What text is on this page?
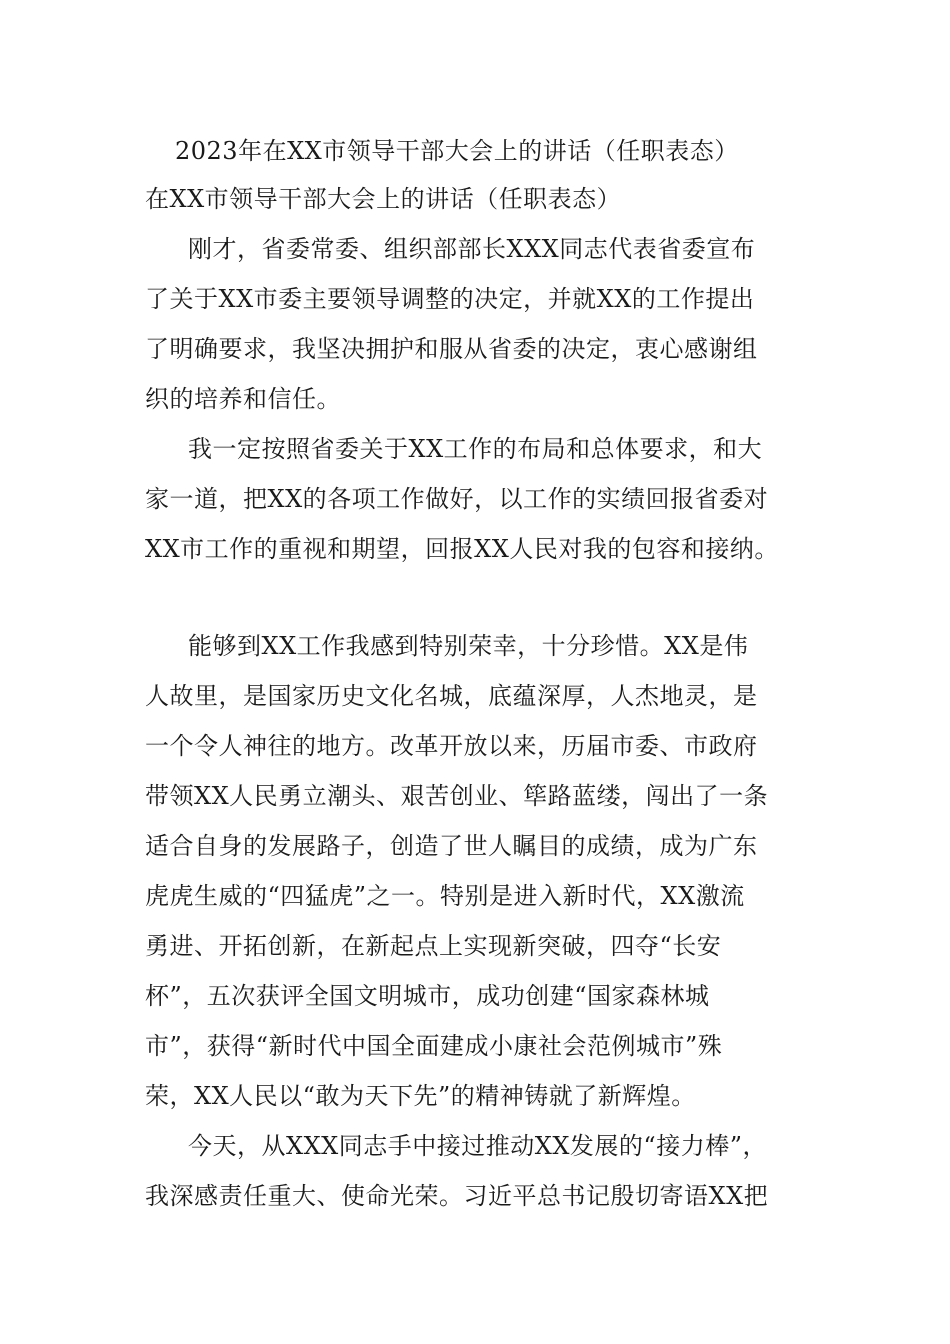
2023年在XX市领导干部大会上的讲话（任职表态）
在XX市领导干部大会上的讲话（任职表态）
刚才，省委常委、组织部部长XXX同志代表省委宣布
了关于XX市委主要领导调整的决定，并就XX的工作提出
了明确要求，我坚决拥护和服从省委的决定，衷心感谢组
织的培养和信任。
我一定按照省委关于XX工作的布局和总体要求，和大
家一道，把XX的各项工作做好，以工作的实绩回报省委对
XX市工作的重视和期望，回报XX人民对我的包容和接纳。
能够到XX工作我感到特别荣幸，十分珍惜。XX是伟
人故里，是国家历史文化名城，底蕴深厚，人杰地灵，是
一个令人神往的地方。改革开放以来，历届市委、市政府
带领XX人民勇立潮头、艰苦创业、筚路蓝缕，闯出了一条
适合自身的发展路子，创造了世人瞩目的成绩，成为广东
虎虎生威的“四猛虎”之一。特别是进入新时代，XX激流
勇进、开拓创新，在新起点上实现新突破，四夺“长安
杯”，五次获评全国文明城市，成功创建“国家森林城
市”，获得“新时代中国全面建成小康社会范例城市”殊
荣，XX人民以“敢为天下先”的精神铸就了新辉煌。
今天，从XXX同志手中接过推动XX发展的“接力棒”，
我深感责任重大、使命光荣。习近平总书记殷切寄语XX把
